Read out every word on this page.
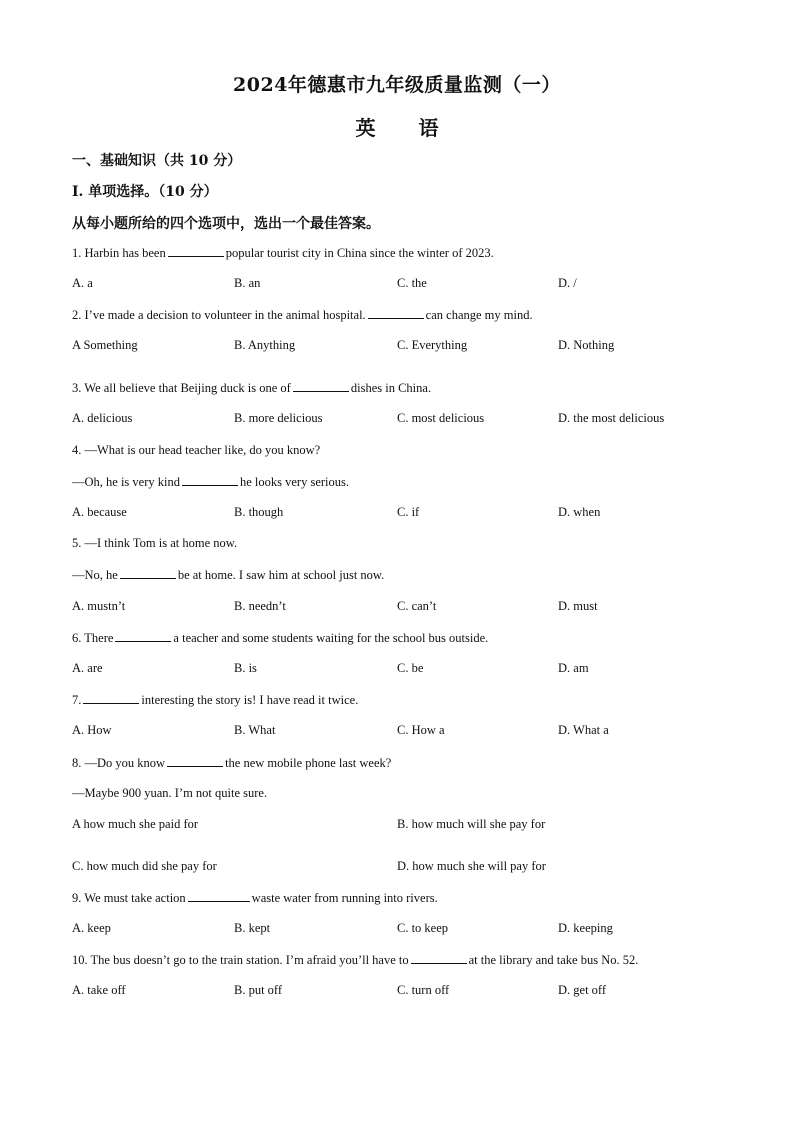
2024年德惠市九年级质量监测（一）
英 语
一、基础知识（共 10 分）
I. 单项选择。（10 分）
从每小题所给的四个选项中，选出一个最佳答案。
1. Harbin has been	popular tourist city in China since the winter of 2023.
A. a	B. an	C. the	D. /
2. I’ve made a decision to volunteer in the animal hospital.	can change my mind.
A Something	B. Anything	C. Everything	D. Nothing
3. We all believe that Beijing duck is one of	dishes in China.
A. delicious	B. more delicious	C. most delicious	D. the most delicious
4. —What is our head teacher like, do you know?
—Oh, he is very kind	he looks very serious.
A. because	B. though	C. if	D. when
5. —I think Tom is at home now.
—No, he	be at home. I saw him at school just now.
A. mustn’t	B. needn’t	C. can’t	D. must
6. There	a teacher and some students waiting for the school bus outside.
A. are	B. is	C. be	D. am
7.	interesting the story is! I have read it twice.
A. How	B. What	C. How a	D. What a
8. —Do you know	the new mobile phone last week?
—Maybe 900 yuan. I’m not quite sure.
A how much she paid for	B. how much will she pay for
C. how much did she pay for	D. how much she will pay for
9. We must take action	waste water from running into rivers.
A. keep	B. kept	C. to keep	D. keeping
10. The bus doesn’t go to the train station. I’m afraid you’ll have to	at the library and take bus No. 52.
A. take off	B. put off	C. turn off	D. get off
